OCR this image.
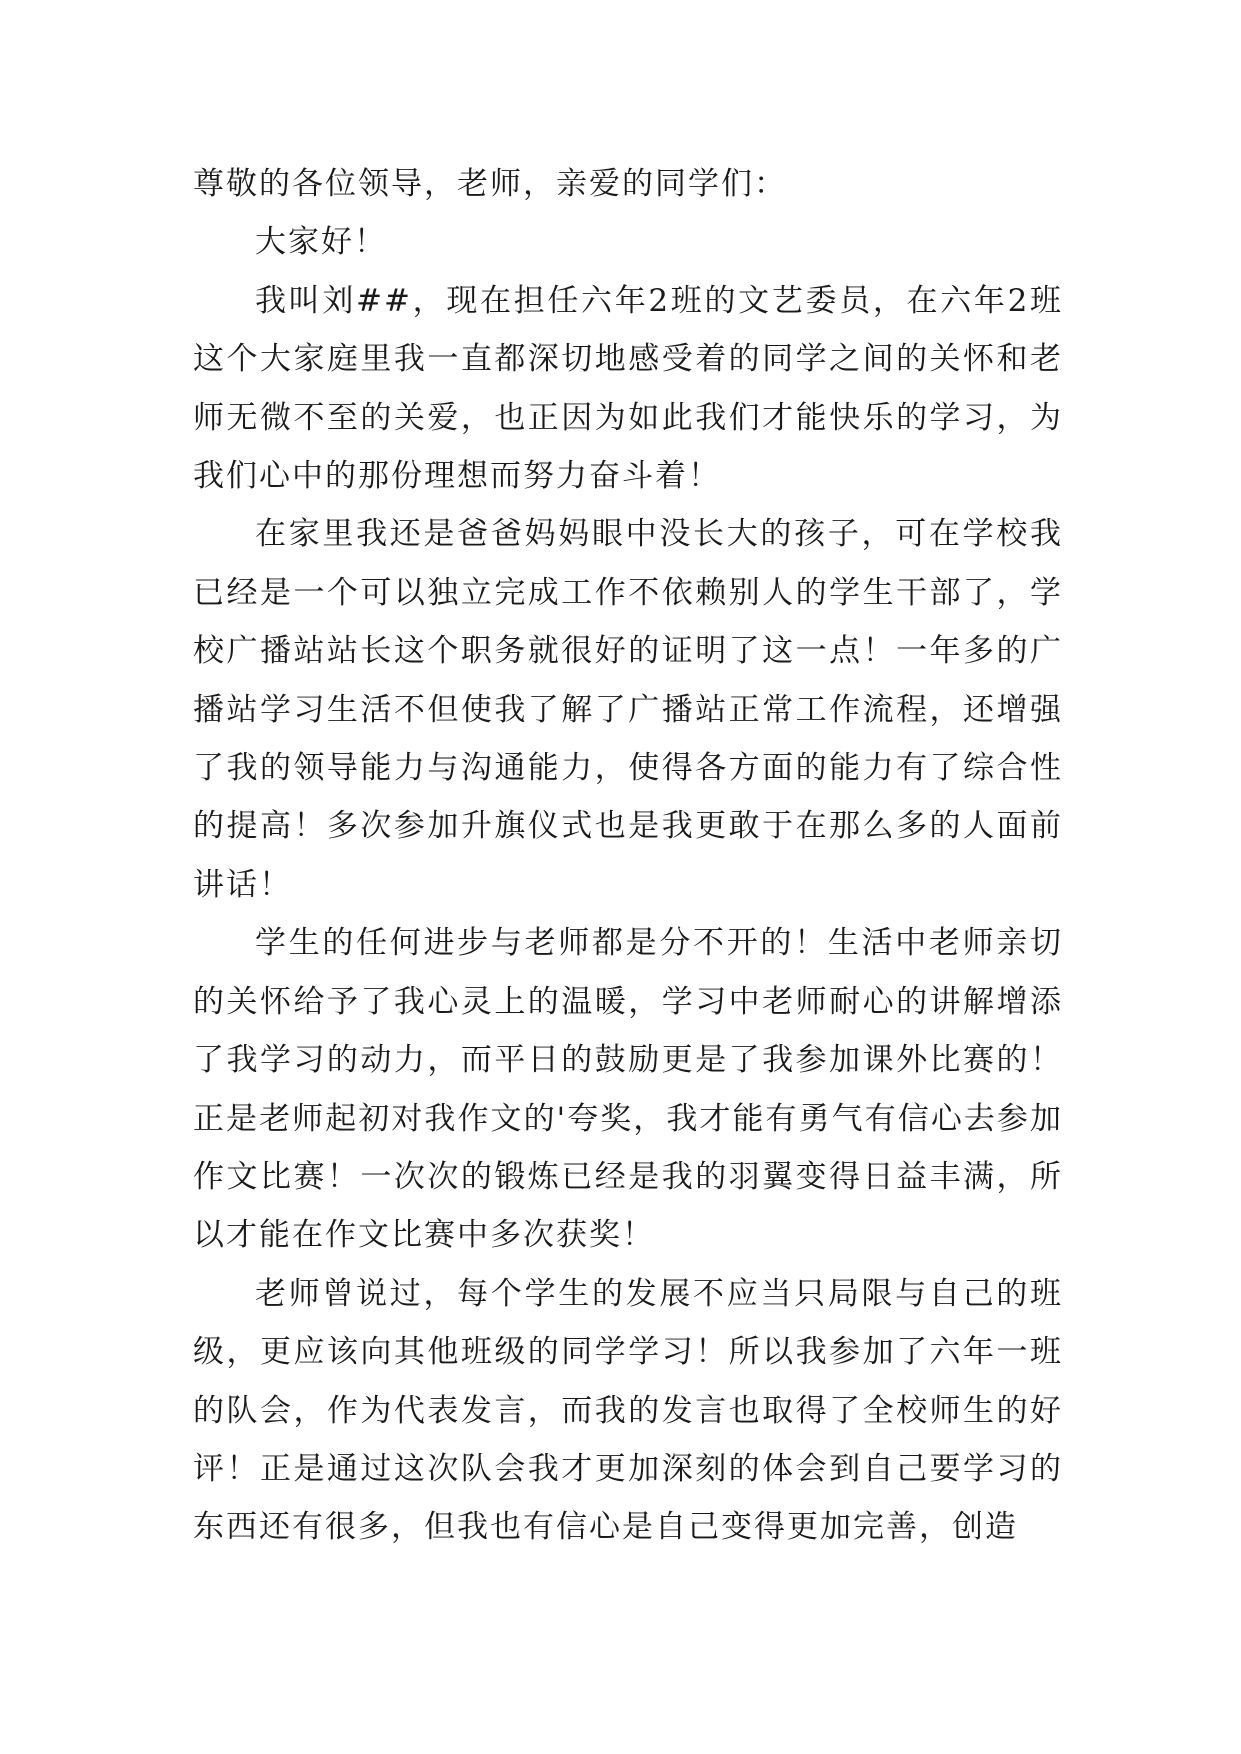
尊敬的各位领导，老师，亲爱的同学们：

大家好！

我叫刘##，现在担任六年2班的文艺委员，在六年2班这个大家庭里我一直都深切地感受着的同学之间的关怀和老师无微不至的关爱，也正因为如此我们才能快乐的学习，为我们心中的那份理想而努力奋斗着！

在家里我还是爸爸妈妈眼中没长大的孩子，可在学校我已经是一个可以独立完成工作不依赖别人的学生干部了，学校广播站站长这个职务就很好的证明了这一点！一年多的广播站学习生活不但使我了解了广播站正常工作流程，还增强了我的领导能力与沟通能力，使得各方面的能力有了综合性的提高！多次参加升旗仪式也是我更敢于在那么多的人面前讲话！

学生的任何进步与老师都是分不开的！生活中老师亲切的关怀给予了我心灵上的温暖，学习中老师耐心的讲解增添了我学习的动力，而平日的鼓励更是了我参加课外比赛的！正是老师起初对我作文的'夸奖，我才能有勇气有信心去参加作文比赛！一次次的锻炼已经是我的羽翼变得日益丰满，所以才能在作文比赛中多次获奖！

老师曾说过，每个学生的发展不应当只局限与自己的班级，更应该向其他班级的同学学习！所以我参加了六年一班的队会，作为代表发言，而我的发言也取得了全校师生的好评！正是通过这次队会我才更加深刻的体会到自己要学习的东西还有很多，但我也有信心是自己变得更加完善，创造
